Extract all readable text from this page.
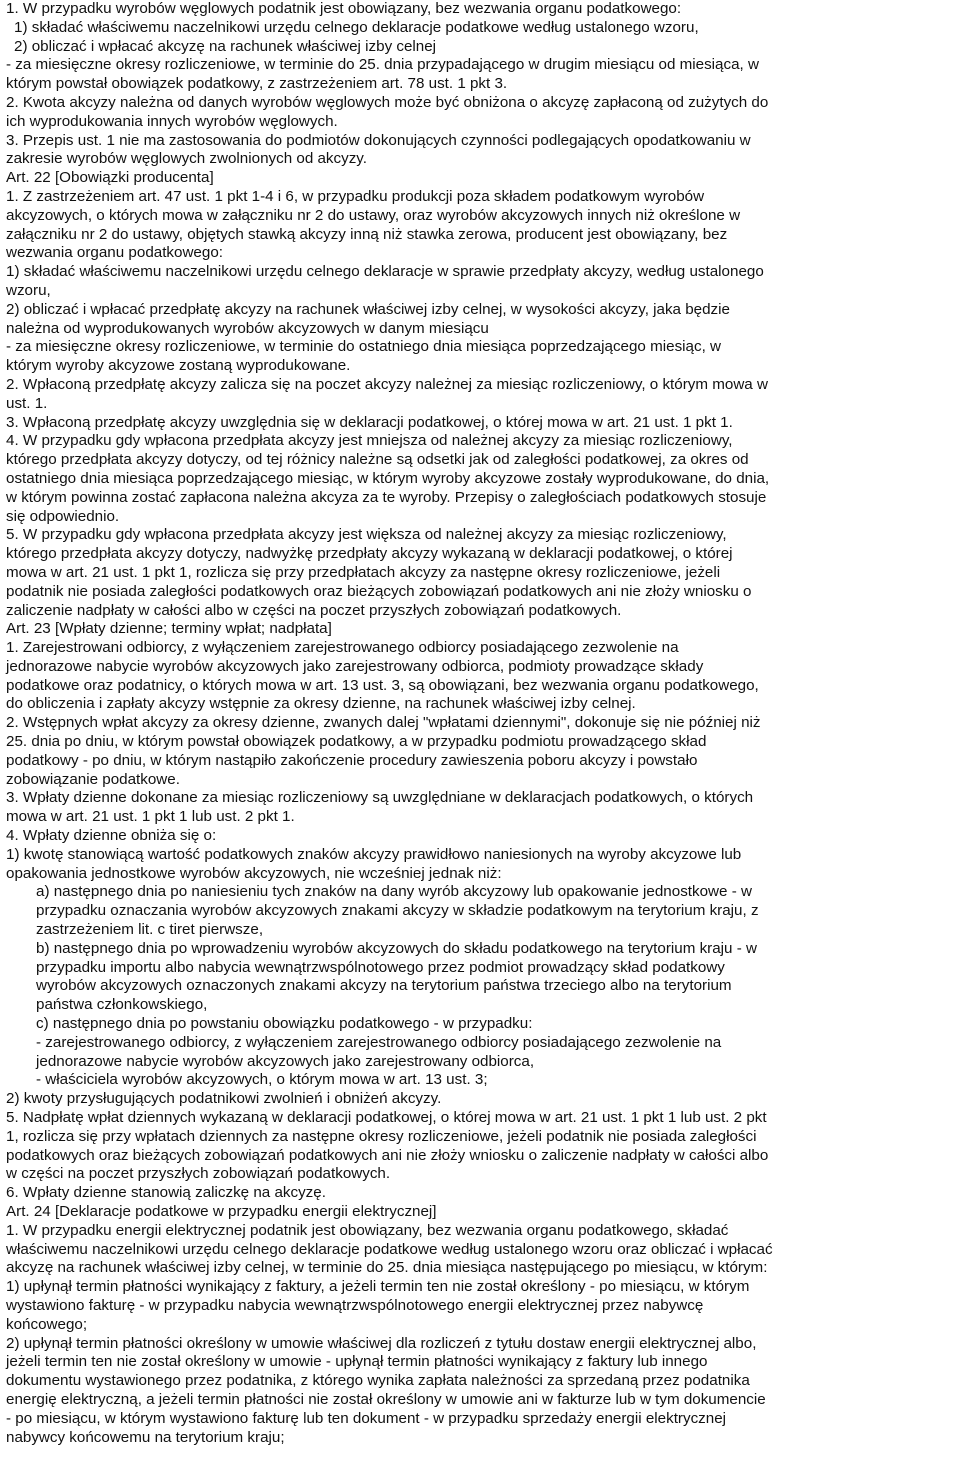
1. W przypadku wyrobów węglowych podatnik jest obowiązany, bez wezwania organu podatkowego:
1) składać właściwemu naczelnikowi urzędu celnego deklaracje podatkowe według ustalonego wzoru,
2) obliczać i wpłacać akcyzę na rachunek właściwej izby celnej
- za miesięczne okresy rozliczeniowe, w terminie do 25. dnia przypadającego w drugim miesiącu od miesiąca, w
którym powstał obowiązek podatkowy, z zastrzeżeniem art. 78 ust. 1 pkt 3.
2. Kwota akcyzy należna od danych wyrobów węglowych może być obniżona o akcyzę zapłaconą od zużytych do
ich wyprodukowania innych wyrobów węglowych.
3. Przepis ust. 1 nie ma zastosowania do podmiotów dokonujących czynności podlegających opodatkowaniu w
zakresie wyrobów węglowych zwolnionych od akcyzy.
Art. 22 [Obowiązki producenta]
1. Z zastrzeżeniem art. 47 ust. 1 pkt 1-4 i 6, w przypadku produkcji poza składem podatkowym wyrobów
akcyzowych, o których mowa w załączniku nr 2 do ustawy, oraz wyrobów akcyzowych innych niż określone w
załączniku nr 2 do ustawy, objętych stawką akcyzy inną niż stawka zerowa, producent jest obowiązany, bez
wezwania organu podatkowego:
1) składać właściwemu naczelnikowi urzędu celnego deklaracje w sprawie przedpłaty akcyzy, według ustalonego
wzoru,
2) obliczać i wpłacać przedpłatę akcyzy na rachunek właściwej izby celnej, w wysokości akcyzy, jaka będzie
należna od wyprodukowanych wyrobów akcyzowych w danym miesiącu
- za miesięczne okresy rozliczeniowe, w terminie do ostatniego dnia miesiąca poprzedzającego miesiąc, w
którym wyroby akcyzowe zostaną wyprodukowane.
2. Wpłaconą przedpłatę akcyzy zalicza się na poczet akcyzy należnej za miesiąc rozliczeniowy, o którym mowa w
ust. 1.
3. Wpłaconą przedpłatę akcyzy uwzględnia się w deklaracji podatkowej, o której mowa w art. 21 ust. 1 pkt 1.
4. W przypadku gdy wpłacona przedpłata akcyzy jest mniejsza od należnej akcyzy za miesiąc rozliczeniowy,
którego przedpłata akcyzy dotyczy, od tej różnicy należne są odsetki jak od zaległości podatkowej, za okres od
ostatniego dnia miesiąca poprzedzającego miesiąc, w którym wyroby akcyzowe zostały wyprodukowane, do dnia,
w którym powinna zostać zapłacona należna akcyza za te wyroby. Przepisy o zaległościach podatkowych stosuje
się odpowiednio.
5. W przypadku gdy wpłacona przedpłata akcyzy jest większa od należnej akcyzy za miesiąc rozliczeniowy,
którego przedpłata akcyzy dotyczy, nadwyżkę przedpłaty akcyzy wykazaną w deklaracji podatkowej, o której
mowa w art. 21 ust. 1 pkt 1, rozlicza się przy przedpłatach akcyzy za następne okresy rozliczeniowe, jeżeli
podatnik nie posiada zaległości podatkowych oraz bieżących zobowiązań podatkowych ani nie złoży wniosku o
zaliczenie nadpłaty w całości albo w części na poczet przyszłych zobowiązań podatkowych.
Art. 23 [Wpłaty dzienne; terminy wpłat; nadpłata]
1. Zarejestrowani odbiorcy, z wyłączeniem zarejestrowanego odbiorcy posiadającego zezwolenie na
jednorazowe nabycie wyrobów akcyzowych jako zarejestrowany odbiorca, podmioty prowadzące składy
podatkowe oraz podatnicy, o których mowa w art. 13 ust. 3, są obowiązani, bez wezwania organu podatkowego,
do obliczenia i zapłaty akcyzy wstępnie za okresy dzienne, na rachunek właściwej izby celnej.
2. Wstępnych wpłat akcyzy za okresy dzienne, zwanych dalej "wpłatami dziennymi", dokonuje się nie później niż
25. dnia po dniu, w którym powstał obowiązek podatkowy, a w przypadku podmiotu prowadzącego skład
podatkowy - po dniu, w którym nastąpiło zakończenie procedury zawieszenia poboru akcyzy i powstało
zobowiązanie podatkowe.
3. Wpłaty dzienne dokonane za miesiąc rozliczeniowy są uwzględniane w deklaracjach podatkowych, o których
mowa w art. 21 ust. 1 pkt 1 lub ust. 2 pkt 1.
4. Wpłaty dzienne obniża się o:
1) kwotę stanowiącą wartość podatkowych znaków akcyzy prawidłowo naniesionych na wyroby akcyzowe lub
opakowania jednostkowe wyrobów akcyzowych, nie wcześniej jednak niż:
a) następnego dnia po naniesieniu tych znaków na dany wyrób akcyzowy lub opakowanie jednostkowe - w
przypadku oznaczania wyrobów akcyzowych znakami akcyzy w składzie podatkowym na terytorium kraju, z
zastrzeżeniem lit. c tiret pierwsze,
b) następnego dnia po wprowadzeniu wyrobów akcyzowych do składu podatkowego na terytorium kraju - w
przypadku importu albo nabycia wewnątrzwspólnotowego przez podmiot prowadzący skład podatkowy
wyrobów akcyzowych oznaczonych znakami akcyzy na terytorium państwa trzeciego albo na terytorium
państwa członkowskiego,
c) następnego dnia po powstaniu obowiązku podatkowego - w przypadku:
- zarejestrowanego odbiorcy, z wyłączeniem zarejestrowanego odbiorcy posiadającego zezwolenie na
jednorazowe nabycie wyrobów akcyzowych jako zarejestrowany odbiorca,
- właściciela wyrobów akcyzowych, o którym mowa w art. 13 ust. 3;
2) kwoty przysługujących podatnikowi zwolnień i obniżeń akcyzy.
5. Nadpłatę wpłat dziennych wykazaną w deklaracji podatkowej, o której mowa w art. 21 ust. 1 pkt 1 lub ust. 2 pkt
1, rozlicza się przy wpłatach dziennych za następne okresy rozliczeniowe, jeżeli podatnik nie posiada zaległości
podatkowych oraz bieżących zobowiązań podatkowych ani nie złoży wniosku o zaliczenie nadpłaty w całości albo
w części na poczet przyszłych zobowiązań podatkowych.
6. Wpłaty dzienne stanowią zaliczkę na akcyzę.
Art. 24 [Deklaracje podatkowe w przypadku energii elektrycznej]
1. W przypadku energii elektrycznej podatnik jest obowiązany, bez wezwania organu podatkowego, składać
właściwemu naczelnikowi urzędu celnego deklaracje podatkowe według ustalonego wzoru oraz obliczać i wpłacać
akcyzę na rachunek właściwej izby celnej, w terminie do 25. dnia miesiąca następującego po miesiącu, w którym:
1) upłynął termin płatności wynikający z faktury, a jeżeli termin ten nie został określony - po miesiącu, w którym
wystawiono fakturę - w przypadku nabycia wewnątrzwspólnotowego energii elektrycznej przez nabywcę
końcowego;
2) upłynął termin płatności określony w umowie właściwej dla rozliczeń z tytułu dostaw energii elektrycznej albo,
jeżeli termin ten nie został określony w umowie - upłynął termin płatności wynikający z faktury lub innego
dokumentu wystawionego przez podatnika, z którego wynika zapłata należności za sprzedaną przez podatnika
energię elektryczną, a jeżeli termin płatności nie został określony w umowie ani w fakturze lub w tym dokumencie
- po miesiącu, w którym wystawiono fakturę lub ten dokument - w przypadku sprzedaży energii elektrycznej
nabywcy końcowemu na terytorium kraju;
